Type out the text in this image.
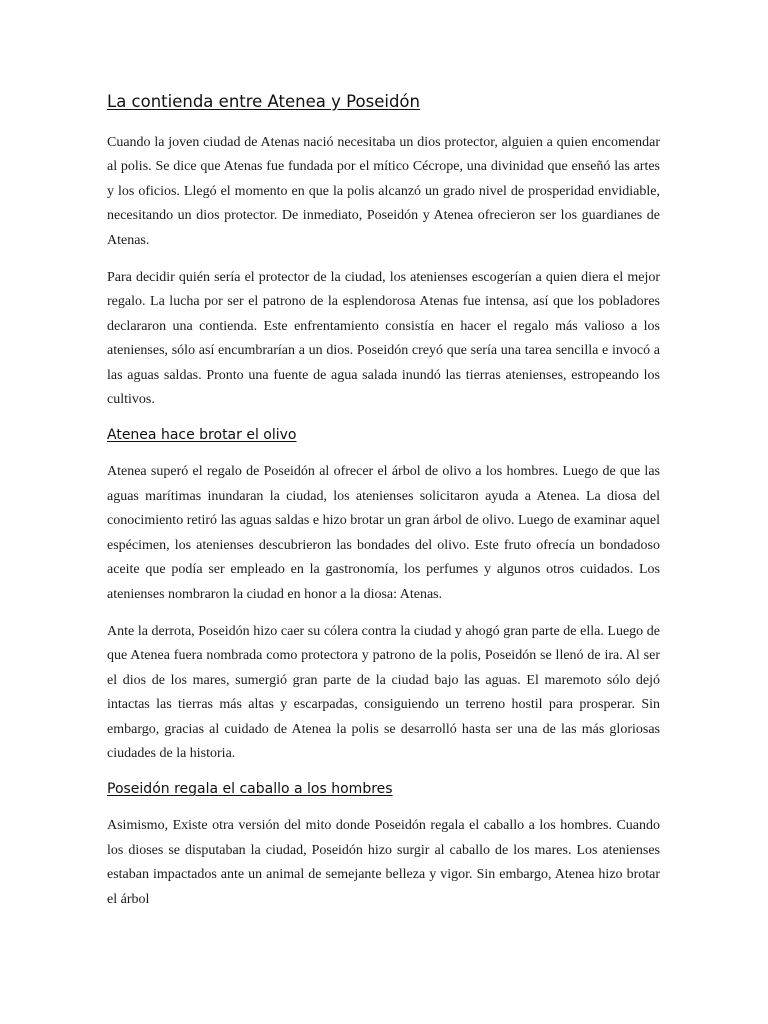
La contienda entre Atenea y Poseidón

Cuando la joven ciudad de Atenas nació necesitaba un dios protector, alguien a quien encomendar al polis. Se dice que Atenas fue fundada por el mítico Cécrope, una divinidad que enseñó las artes y los oficios. Llegó el momento en que la polis alcanzó un grado nivel de prosperidad envidiable, necesitando un dios protector. De inmediato, Poseidón y Atenea ofrecieron ser los guardianes de Atenas.

Para decidir quién sería el protector de la ciudad, los atenienses escogerían a quien diera el mejor regalo. La lucha por ser el patrono de la esplendorosa Atenas fue intensa, así que los pobladores declararon una contienda. Este enfrentamiento consistía en hacer el regalo más valioso a los atenienses, sólo así encumbrarían a un dios. Poseidón creyó que sería una tarea sencilla e invocó a las aguas saldas. Pronto una fuente de agua salada inundó las tierras atenienses, estropeando los cultivos.

Atenea hace brotar el olivo

Atenea superó el regalo de Poseidón al ofrecer el árbol de olivo a los hombres. Luego de que las aguas marítimas inundaran la ciudad, los atenienses solicitaron ayuda a Atenea. La diosa del conocimiento retiró las aguas saldas e hizo brotar un gran árbol de olivo. Luego de examinar aquel espécimen, los atenienses descubrieron las bondades del olivo. Este fruto ofrecía un bondadoso aceite que podía ser empleado en la gastronomía, los perfumes y algunos otros cuidados. Los atenienses nombraron la ciudad en honor a la diosa: Atenas.

Ante la derrota, Poseidón hizo caer su cólera contra la ciudad y ahogó gran parte de ella. Luego de que Atenea fuera nombrada como protectora y patrono de la polis, Poseidón se llenó de ira. Al ser el dios de los mares, sumergió gran parte de la ciudad bajo las aguas. El maremoto sólo dejó intactas las tierras más altas y escarpadas, consiguiendo un terreno hostil para prosperar. Sin embargo, gracias al cuidado de Atenea la polis se desarrolló hasta ser una de las más gloriosas ciudades de la historia.

Poseidón regala el caballo a los hombres

Asimismo, Existe otra versión del mito donde Poseidón regala el caballo a los hombres. Cuando los dioses se disputaban la ciudad, Poseidón hizo surgir al caballo de los mares. Los atenienses estaban impactados ante un animal de semejante belleza y vigor. Sin embargo, Atenea hizo brotar el árbol
